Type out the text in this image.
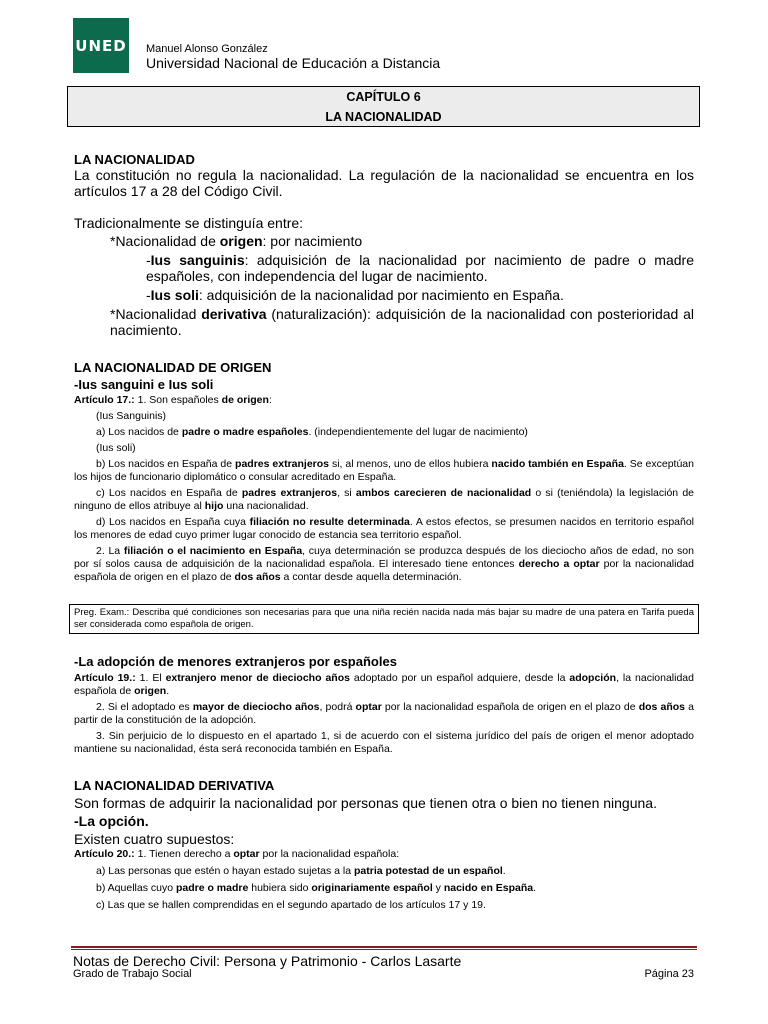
UNED Manuel Alonso González
Universidad Nacional de Educación a Distancia
CAPÍTULO 6
LA NACIONALIDAD
LA NACIONALIDAD
La constitución no regula la nacionalidad. La regulación de la nacionalidad se encuentra en los artículos 17 a 28 del Código Civil.
Tradicionalmente se distinguía entre:
*Nacionalidad de origen: por nacimiento
-Ius sanguinis: adquisición de la nacionalidad por nacimiento de padre o madre españoles, con independencia del lugar de nacimiento.
-Ius soli: adquisición de la nacionalidad por nacimiento en España.
*Nacionalidad derivativa (naturalización): adquisición de la nacionalidad con posterioridad al nacimiento.
LA NACIONALIDAD DE ORIGEN
-Ius sanguini e Ius soli
Artículo 17.: 1. Son españoles de origen:
(Ius Sanguinis)
a) Los nacidos de padre o madre españoles. (independientemente del lugar de nacimiento)
(Ius soli)
b) Los nacidos en España de padres extranjeros si, al menos, uno de ellos hubiera nacido también en España. Se exceptúan los hijos de funcionario diplomático o consular acreditado en España.
c) Los nacidos en España de padres extranjeros, si ambos carecieren de nacionalidad o si (teniéndola) la legislación de ninguno de ellos atribuye al hijo una nacionalidad.
d) Los nacidos en España cuya filiación no resulte determinada. A estos efectos, se presumen nacidos en territorio español los menores de edad cuyo primer lugar conocido de estancia sea territorio español.
2. La filiación o el nacimiento en España, cuya determinación se produzca después de los dieciocho años de edad, no son por sí solos causa de adquisición de la nacionalidad española. El interesado tiene entonces derecho a optar por la nacionalidad española de origen en el plazo de dos años a contar desde aquella determinación.
Preg. Exam.: Describa qué condiciones son necesarias para que una niña recién nacida nada más bajar su madre de una patera en Tarifa pueda ser considerada como española de origen.
-La adopción de menores extranjeros por españoles
Artículo 19.: 1. El extranjero menor de dieciocho años adoptado por un español adquiere, desde la adopción, la nacionalidad española de origen.
2. Si el adoptado es mayor de dieciocho años, podrá optar por la nacionalidad española de origen en el plazo de dos años a partir de la constitución de la adopción.
3. Sin perjuicio de lo dispuesto en el apartado 1, si de acuerdo con el sistema jurídico del país de origen el menor adoptado mantiene su nacionalidad, ésta será reconocida también en España.
LA NACIONALIDAD DERIVATIVA
Son formas de adquirir la nacionalidad por personas que tienen otra o bien no tienen ninguna.
-La opción.
Existen cuatro supuestos:
Artículo 20.: 1. Tienen derecho a optar por la nacionalidad española:
a) Las personas que estén o hayan estado sujetas a la patria potestad de un español.
b) Aquellas cuyo padre o madre hubiera sido originariamente español y nacido en España.
c) Las que se hallen comprendidas en el segundo apartado de los artículos 17 y 19.
Notas de Derecho Civil: Persona y Patrimonio - Carlos Lasarte
Grado de Trabajo Social	Página 23
